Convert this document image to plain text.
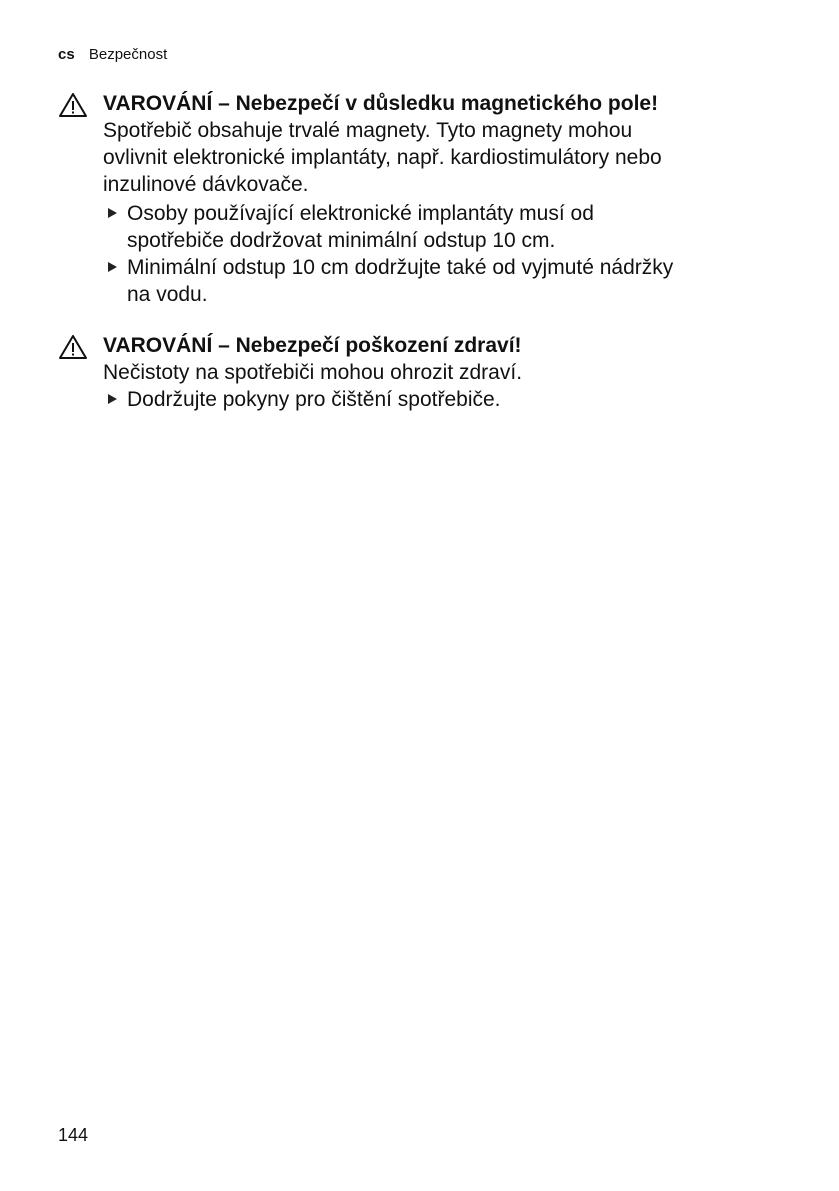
cs Bezpečnost
VAROVÁNÍ – Nebezpečí v důsledku magnetického pole!
Spotřebič obsahuje trvalé magnety. Tyto magnety mohou
ovlivnit elektronické implantáty, např. kardiostimulátory nebo
inzulinové dávkovače.
Osoby používající elektronické implantáty musí od
spotřebiče dodržovat minimální odstup 10 cm.
Minimální odstup 10 cm dodržujte také od vyjmuté nádržky
na vodu.
VAROVÁNÍ – Nebezpečí poškození zdraví!
Nečistoty na spotřebiči mohou ohrozit zdraví.
Dodržujte pokyny pro čištění spotřebiče.
144
